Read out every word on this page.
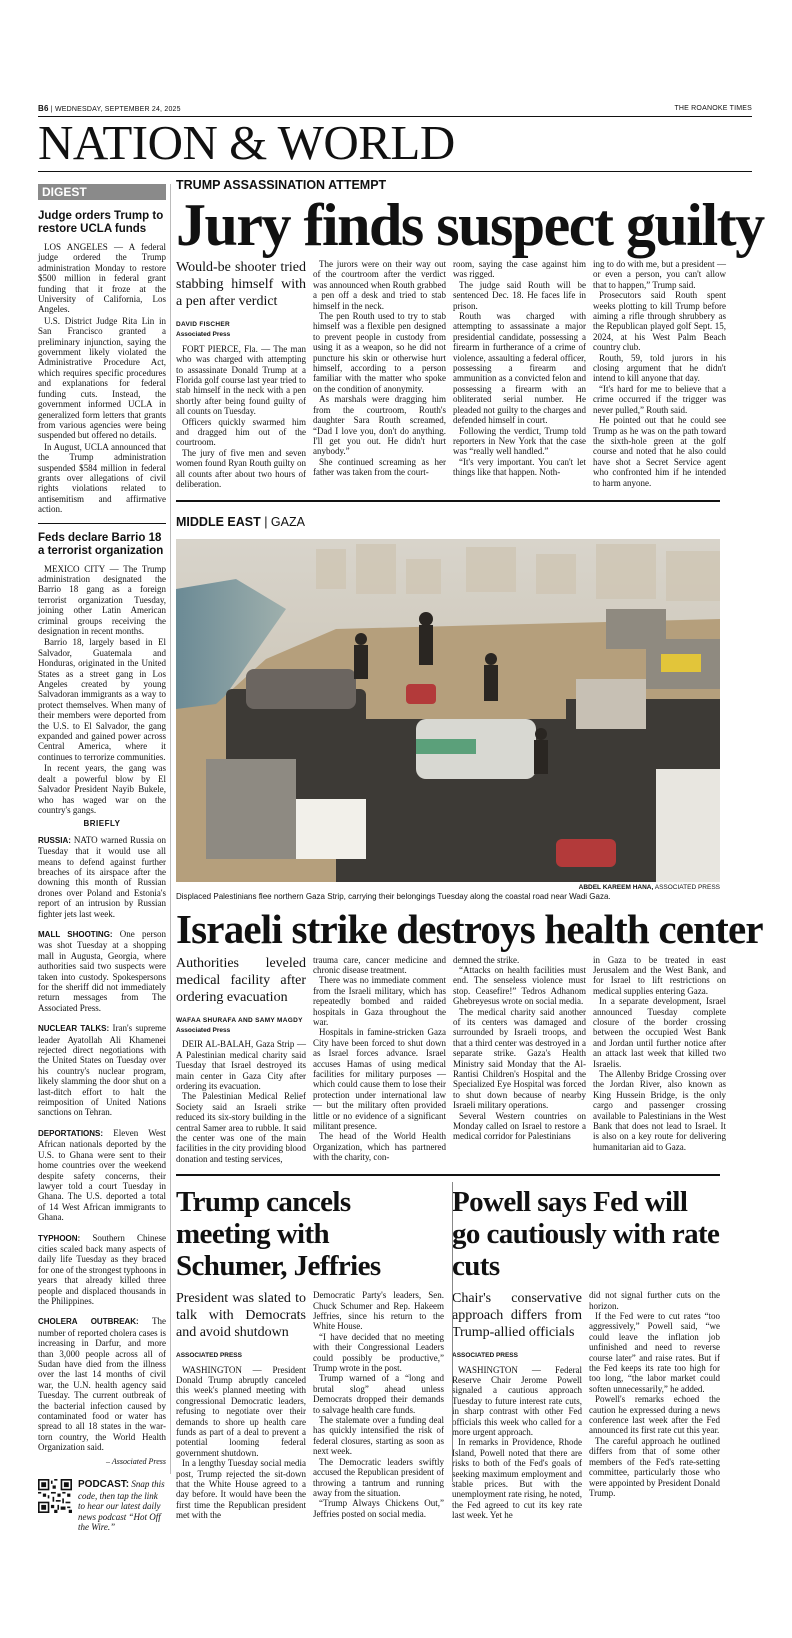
B6 | WEDNESDAY, SEPTEMBER 24, 2025	THE ROANOKE TIMES
NATION & WORLD
DIGEST
Judge orders Trump to restore UCLA funds

LOS ANGELES — A federal judge ordered the Trump administration Monday to restore $500 million in federal grant funding that it froze at the University of California, Los Angeles.

U.S. District Judge Rita Lin in San Francisco granted a preliminary injunction, saying the government likely violated the Administrative Procedure Act, which requires specific procedures and explanations for federal funding cuts. Instead, the government informed UCLA in generalized form letters that grants from various agencies were being suspended but offered no details.

In August, UCLA announced that the Trump administration suspended $584 million in federal grants over allegations of civil rights violations related to antisemitism and affirmative action.

Feds declare Barrio 18 a terrorist organization

MEXICO CITY — The Trump administration designated the Barrio 18 gang as a foreign terrorist organization Tuesday, joining other Latin American criminal groups receiving the designation in recent months.

Barrio 18, largely based in El Salvador, Guatemala and Honduras, originated in the United States as a street gang in Los Angeles created by young Salvadoran immigrants as a way to protect themselves. When many of their members were deported from the U.S. to El Salvador, the gang expanded and gained power across Central America, where it continues to terrorize communities.

In recent years, the gang was dealt a powerful blow by El Salvador President Nayib Bukele, who has waged war on the country's gangs.

BRIEFLY

RUSSIA: NATO warned Russia on Tuesday that it would use all means to defend against further breaches of its airspace after the downing this month of Russian drones over Poland and Estonia's report of an intrusion by Russian fighter jets last week.

MALL SHOOTING: One person was shot Tuesday at a shopping mall in Augusta, Georgia, where authorities said two suspects were taken into custody. Spokespersons for the sheriff did not immediately return messages from The Associated Press.

NUCLEAR TALKS: Iran's supreme leader Ayatollah Ali Khamenei rejected direct negotiations with the United States on Tuesday over his country's nuclear program, likely slamming the door shut on a last-ditch effort to halt the reimposition of United Nations sanctions on Tehran.

DEPORTATIONS: Eleven West African nationals deported by the U.S. to Ghana were sent to their home countries over the weekend despite safety concerns, their lawyer told a court Tuesday in Ghana. The U.S. deported a total of 14 West African immigrants to Ghana.

TYPHOON: Southern Chinese cities scaled back many aspects of daily life Tuesday as they braced for one of the strongest typhoons in years that already killed three people and displaced thousands in the Philippines.

CHOLERA OUTBREAK: The number of reported cholera cases is increasing in Darfur, and more than 3,000 people across all of Sudan have died from the illness over the last 14 months of civil war, the U.N. health agency said Tuesday. The current outbreak of the bacterial infection caused by contaminated food or water has spread to all 18 states in the war-torn country, the World Health Organization said.

– Associated Press
PODCAST: Snap this code, then tap the link to hear our latest daily news podcast “Hot Off the Wire.”
TRUMP ASSASSINATION ATTEMPT
Jury finds suspect guilty
Would-be shooter tried stabbing himself with a pen after verdict
DAVID FISCHER
Associated Press

FORT PIERCE, Fla. — The man who was charged with attempting to assassinate Donald Trump at a Florida golf course last year tried to stab himself in the neck with a pen shortly after being found guilty of all counts on Tuesday.

Officers quickly swarmed him and dragged him out of the courtroom.

The jury of five men and seven women found Ryan Routh guilty on all counts after about two hours of deliberation.

The jurors were on their way out of the courtroom after the verdict was announced when Routh grabbed a pen off a desk and tried to stab himself in the neck.

The pen Routh used to try to stab himself was a flexible pen designed to prevent people in custody from using it as a weapon, so he did not puncture his skin or otherwise hurt himself, according to a person familiar with the matter who spoke on the condition of anonymity.

As marshals were dragging him from the courtroom, Routh's daughter Sara Routh screamed, “Dad I love you, don't do anything. I'll get you out. He didn't hurt anybody.”

She continued screaming as her father was taken from the court-

room, saying the case against him was rigged.

The judge said Routh will be sentenced Dec. 18. He faces life in prison.

Routh was charged with attempting to assassinate a major presidential candidate, possessing a firearm in furtherance of a crime of violence, assaulting a federal officer, possessing a firearm and ammunition as a convicted felon and possessing a firearm with an obliterated serial number. He pleaded not guilty to the charges and defended himself in court.

Following the verdict, Trump told reporters in New York that the case was “really well handled.”

“It's very important. You can't let things like that happen. Noth-

ing to do with me, but a president — or even a person, you can't allow that to happen,” Trump said.

Prosecutors said Routh spent weeks plotting to kill Trump before aiming a rifle through shrubbery as the Republican played golf Sept. 15, 2024, at his West Palm Beach country club.

Routh, 59, told jurors in his closing argument that he didn't intend to kill anyone that day.

“It's hard for me to believe that a crime occurred if the trigger was never pulled,” Routh said.

He pointed out that he could see Trump as he was on the path toward the sixth-hole green at the golf course and noted that he also could have shot a Secret Service agent who confronted him if he intended to harm anyone.

MIDDLE EAST | GAZA
ABDEL KAREEM HANA, ASSOCIATED PRESS
Displaced Palestinians flee northern Gaza Strip, carrying their belongings Tuesday along the coastal road near Wadi Gaza.
Israeli strike destroys health center
Authorities leveled medical facility after ordering evacuation
WAFAA SHURAFA AND SAMY MAGDY
Associated Press

DEIR AL-BALAH, Gaza Strip — A Palestinian medical charity said Tuesday that Israel destroyed its main center in Gaza City after ordering its evacuation.

The Palestinian Medical Relief Society said an Israeli strike reduced its six-story building in the central Samer area to rubble. It said the center was one of the main facilities in the city providing blood donation and testing services,

trauma care, cancer medicine and chronic disease treatment.

There was no immediate comment from the Israeli military, which has repeatedly bombed and raided hospitals in Gaza throughout the war.

Hospitals in famine-stricken Gaza City have been forced to shut down as Israel forces advance. Israel accuses Hamas of using medical facilities for military purposes — which could cause them to lose their protection under international law — but the military often provided little or no evidence of a significant militant presence.

The head of the World Health Organization, which has partnered with the charity, con-

demned the strike.

“Attacks on health facilities must end. The senseless violence must stop. Ceasefire!” Tedros Adhanom Ghebreyesus wrote on social media.

The medical charity said another of its centers was damaged and surrounded by Israeli troops, and that a third center was destroyed in a separate strike. Gaza's Health Ministry said Monday that the Al-Rantisi Children's Hospital and the Specialized Eye Hospital was forced to shut down because of nearby Israeli military operations.

Several Western countries on Monday called on Israel to restore a medical corridor for Palestinians

in Gaza to be treated in east Jerusalem and the West Bank, and for Israel to lift restrictions on medical supplies entering Gaza.

In a separate development, Israel announced Tuesday complete closure of the border crossing between the occupied West Bank and Jordan until further notice after an attack last week that killed two Israelis.

The Allenby Bridge Crossing over the Jordan River, also known as King Hussein Bridge, is the only cargo and passenger crossing available to Palestinians in the West Bank that does not lead to Israel. It is also on a key route for delivering humanitarian aid to Gaza.

Trump cancels meeting with Schumer, Jeffries
President was slated to talk with Democrats and avoid shutdown
ASSOCIATED PRESS

WASHINGTON — President Donald Trump abruptly canceled this week's planned meeting with congressional Democratic leaders, refusing to negotiate over their demands to shore up health care funds as part of a deal to prevent a potential looming federal government shutdown.

In a lengthy Tuesday social media post, Trump rejected the sit-down that the White House agreed to a day before. It would have been the first time the Republican president met with the

Democratic Party's leaders, Sen. Chuck Schumer and Rep. Hakeem Jeffries, since his return to the White House.

“I have decided that no meeting with their Congressional Leaders could possibly be productive,” Trump wrote in the post.

Trump warned of a “long and brutal slog” ahead unless Democrats dropped their demands to salvage health care funds.

The stalemate over a funding deal has quickly intensified the risk of federal closures, starting as soon as next week.

The Democratic leaders swiftly accused the Republican president of throwing a tantrum and running away from the situation.

“Trump Always Chickens Out,” Jeffries posted on social media.

Powell says Fed will go cautiously with rate cuts
Chair's conservative approach differs from Trump-allied officials
ASSOCIATED PRESS

WASHINGTON — Federal Reserve Chair Jerome Powell signaled a cautious approach Tuesday to future interest rate cuts, in sharp contrast with other Fed officials this week who called for a more urgent approach.

In remarks in Providence, Rhode Island, Powell noted that there are risks to both of the Fed's goals of seeking maximum employment and stable prices. But with the unemployment rate rising, he noted, the Fed agreed to cut its key rate last week. Yet he

did not signal further cuts on the horizon.

If the Fed were to cut rates “too aggressively,” Powell said, “we could leave the inflation job unfinished and need to reverse course later” and raise rates. But if the Fed keeps its rate too high for too long, “the labor market could soften unnecessarily,” he added.

Powell's remarks echoed the caution he expressed during a news conference last week after the Fed announced its first rate cut this year.

The careful approach he outlined differs from that of some other members of the Fed's rate-setting committee, particularly those who were appointed by President Donald Trump.
